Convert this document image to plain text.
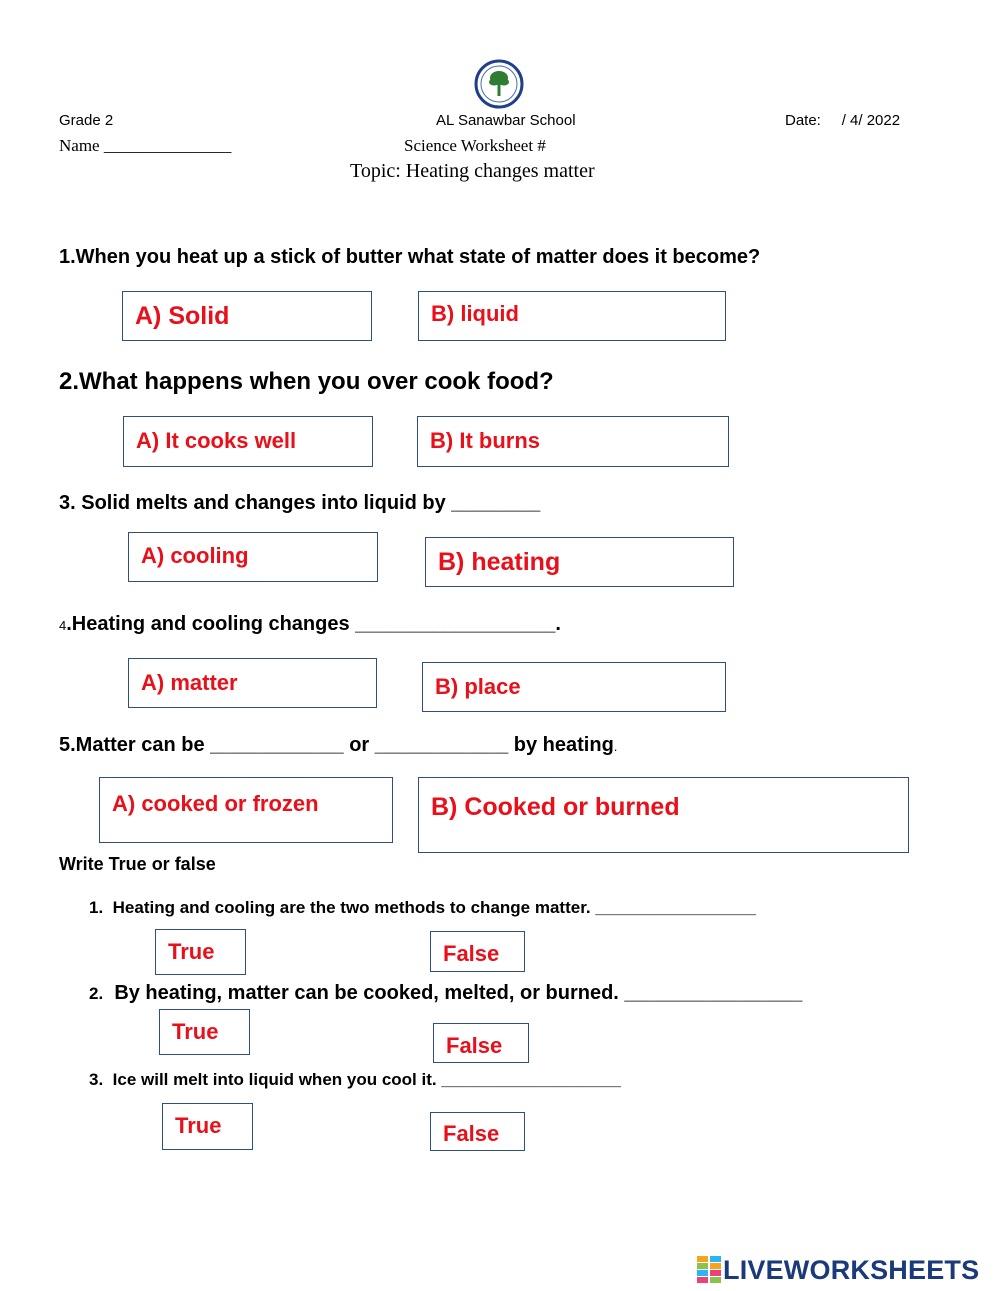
Grade 2	AL Sanawbar School	Date:     / 4/ 2022
Name _______________	Science Worksheet #
Topic: Heating changes matter
1.When you heat up a stick of butter what state of matter does it become?
A) Solid	B) liquid
2.What happens when you over cook food?
A) It cooks well	B) It burns
3. Solid melts and changes into liquid by ________
A) cooling	B) heating
4.Heating and cooling changes __________________.
A) matter	B) place
5.Matter can be ____________ or ____________ by heating.
A) cooked or frozen	B) Cooked or burned
Write True or false
1. Heating and cooling are the two methods to change matter. _________________
True	False
2. By heating, matter can be cooked, melted, or burned. ________________
True
False
3. Ice will melt into liquid when you cool it. ___________________
True	False
LIVEWORKSHEETS
